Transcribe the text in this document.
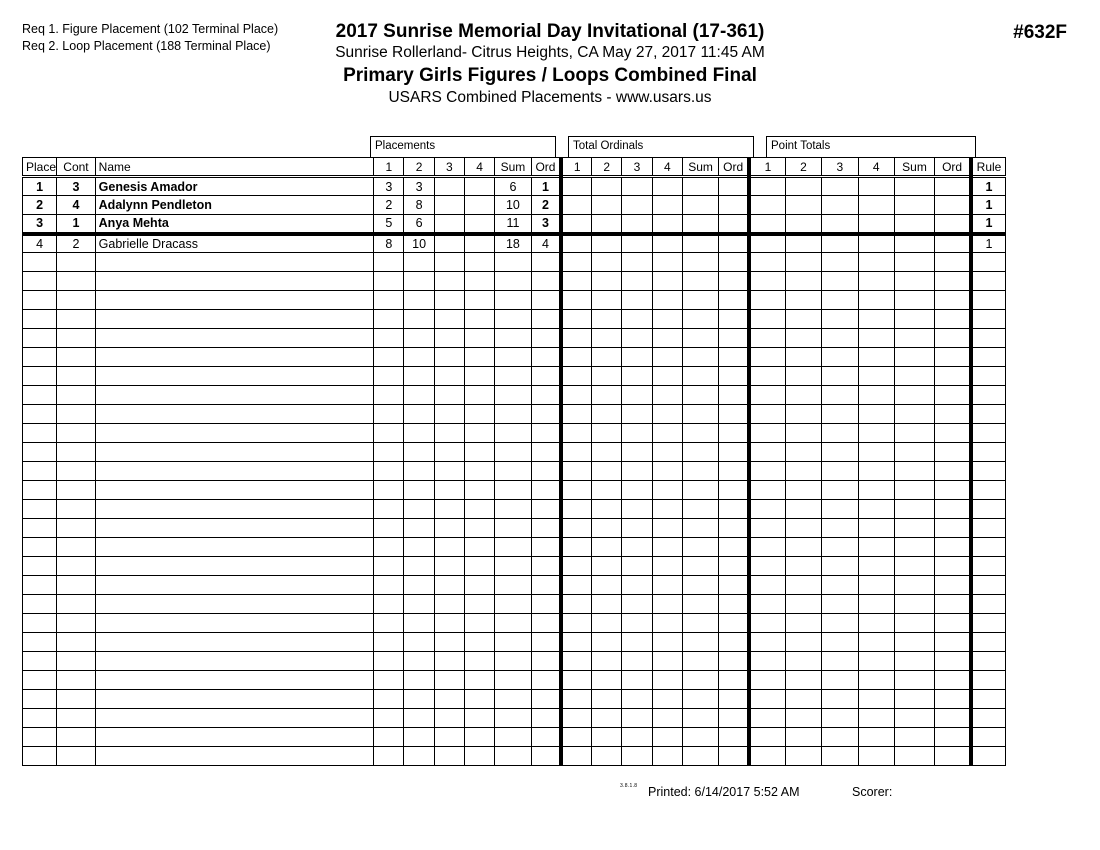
Req 1. Figure Placement (102 Terminal Place)
Req 2. Loop Placement (188 Terminal Place)
2017 Sunrise Memorial Day Invitational (17-361)
Sunrise Rollerland- Citrus Heights, CA May 27, 2017 11:45 AM
Primary Girls Figures / Loops Combined Final
USARS Combined Placements - www.usars.us
#632F
Placements	Total Ordinals	Point Totals
Place	Cont	Name	1	2	3	4	Sum	Ord	1	2	3	4	Sum	Ord	1	2	3	4	Sum	Ord	Rule
1	3	Genesis Amador	3	3			6	1													1
2	4	Adalynn Pendleton	2	8			10	2													1
3	1	Anya Mehta	5	6			11	3													1
4	2	Gabrielle Dracass	8	10			18	4													1

3.8.1.8 Printed: 6/14/2017 5:52 AM	Scorer:
